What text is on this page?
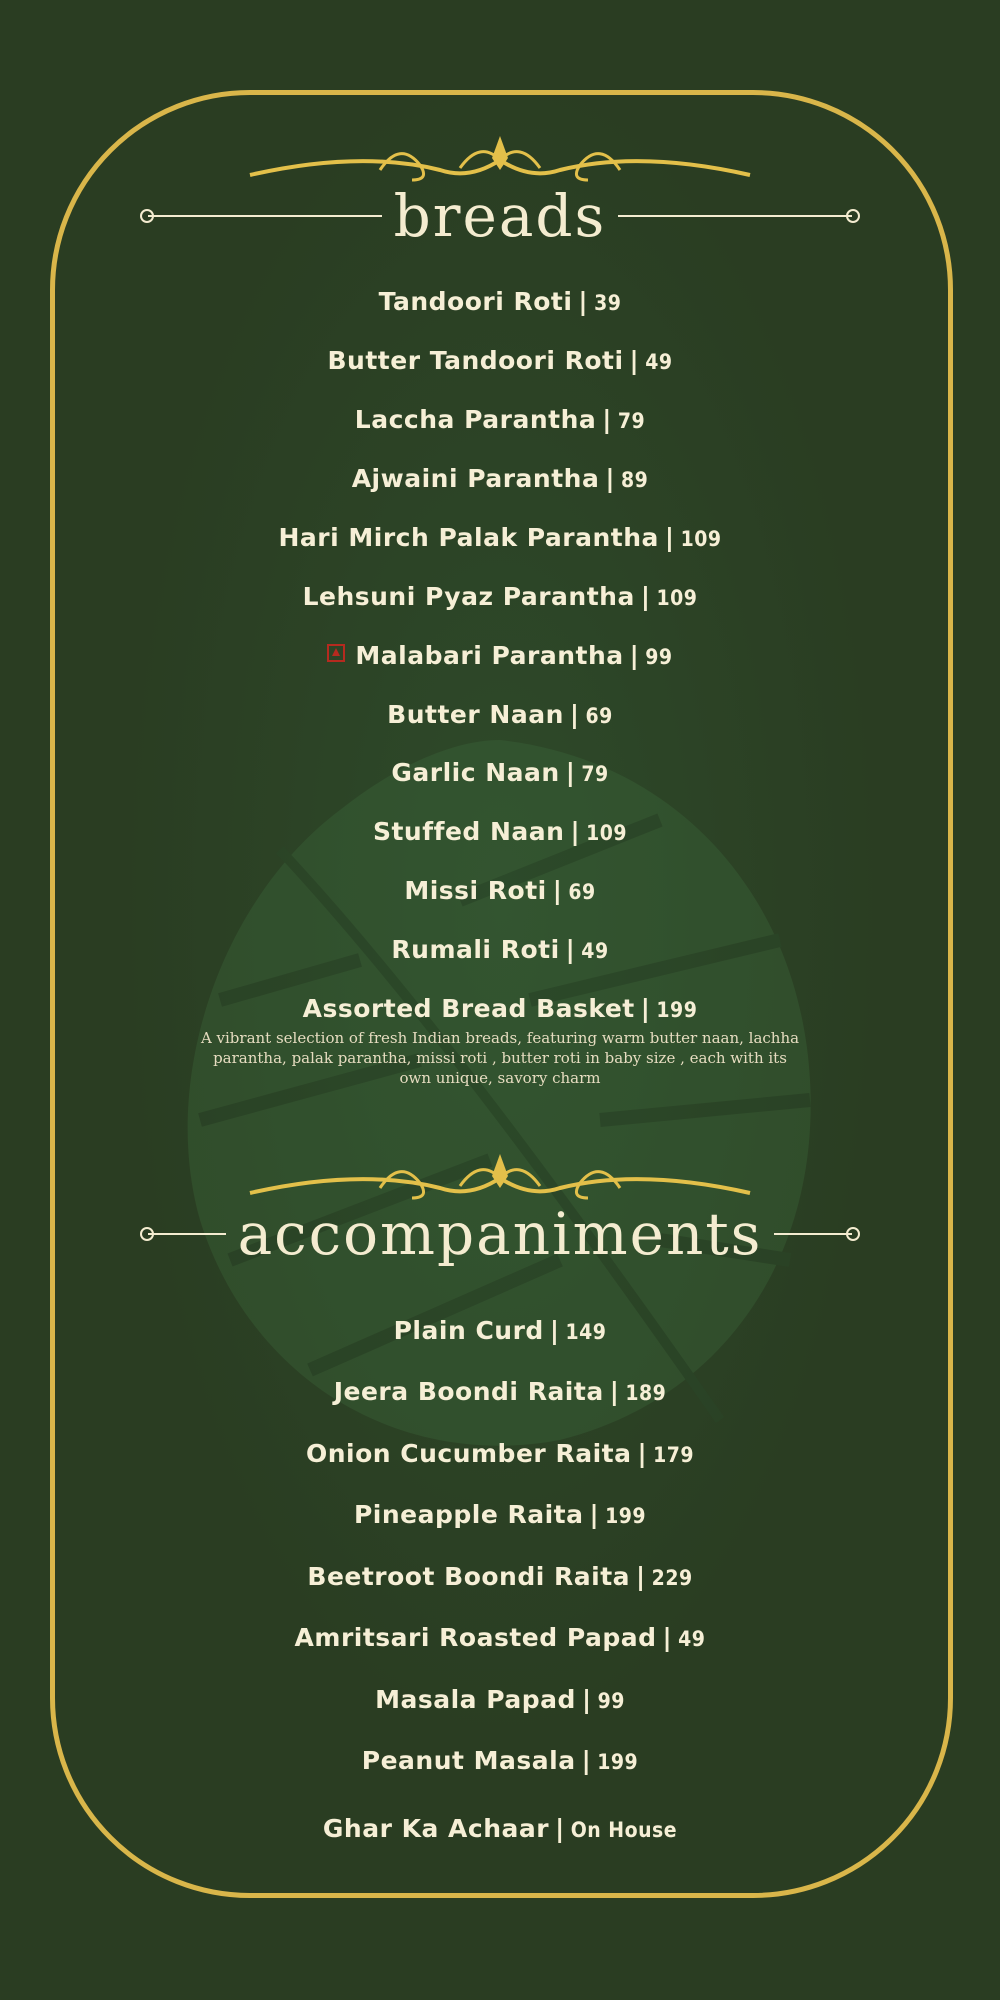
breads
Tandoori Roti | 39
Butter Tandoori Roti | 49
Laccha Parantha | 79
Ajwaini Parantha | 89
Hari Mirch Palak Parantha | 109
Lehsuni Pyaz Parantha | 109
Malabari Parantha | 99
Butter Naan | 69
Garlic Naan | 79
Stuffed Naan | 109
Missi Roti | 69
Rumali Roti | 49
Assorted Bread Basket | 199
A vibrant selection of fresh Indian breads, featuring warm butter naan, lachha parantha, palak parantha, missi roti , butter roti in baby size , each with its own unique, savory charm
accompaniments
Plain Curd | 149
Jeera Boondi Raita | 189
Onion Cucumber Raita | 179
Pineapple Raita | 199
Beetroot Boondi Raita | 229
Amritsari Roasted Papad | 49
Masala Papad | 99
Peanut Masala | 199
Ghar Ka Achaar | On House
